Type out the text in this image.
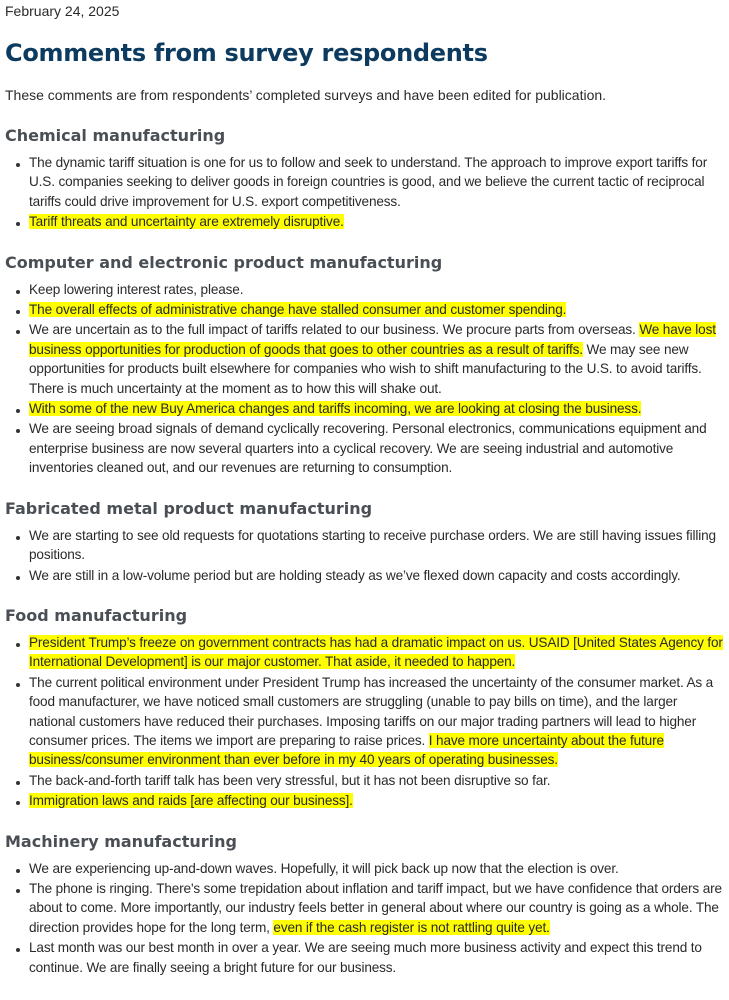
February 24, 2025

Comments from survey respondents

These comments are from respondents’ completed surveys and have been edited for publication.

Chemical manufacturing
The dynamic tariff situation is one for us to follow and seek to understand. The approach to improve export tariffs for U.S. companies seeking to deliver goods in foreign countries is good, and we believe the current tactic of reciprocal tariffs could drive improvement for U.S. export competitiveness.
Tariff threats and uncertainty are extremely disruptive.
Computer and electronic product manufacturing
Keep lowering interest rates, please.
The overall effects of administrative change have stalled consumer and customer spending.
We are uncertain as to the full impact of tariffs related to our business. We procure parts from overseas. We have lost business opportunities for production of goods that goes to other countries as a result of tariffs. We may see new opportunities for products built elsewhere for companies who wish to shift manufacturing to the U.S. to avoid tariffs. There is much uncertainty at the moment as to how this will shake out.
With some of the new Buy America changes and tariffs incoming, we are looking at closing the business.
We are seeing broad signals of demand cyclically recovering. Personal electronics, communications equipment and enterprise business are now several quarters into a cyclical recovery. We are seeing industrial and automotive inventories cleaned out, and our revenues are returning to consumption.
Fabricated metal product manufacturing
We are starting to see old requests for quotations starting to receive purchase orders. We are still having issues filling positions.
We are still in a low-volume period but are holding steady as we’ve flexed down capacity and costs accordingly.
Food manufacturing
President Trump’s freeze on government contracts has had a dramatic impact on us. USAID [United States Agency for International Development] is our major customer. That aside, it needed to happen.
The current political environment under President Trump has increased the uncertainty of the consumer market. As a food manufacturer, we have noticed small customers are struggling (unable to pay bills on time), and the larger national customers have reduced their purchases. Imposing tariffs on our major trading partners will lead to higher consumer prices. The items we import are preparing to raise prices. I have more uncertainty about the future business/consumer environment than ever before in my 40 years of operating businesses.
The back-and-forth tariff talk has been very stressful, but it has not been disruptive so far.
Immigration laws and raids [are affecting our business].
Machinery manufacturing
We are experiencing up-and-down waves. Hopefully, it will pick back up now that the election is over.
The phone is ringing. There's some trepidation about inflation and tariff impact, but we have confidence that orders are about to come. More importantly, our industry feels better in general about where our country is going as a whole. The direction provides hope for the long term, even if the cash register is not rattling quite yet.
Last month was our best month in over a year. We are seeing much more business activity and expect this trend to continue. We are finally seeing a bright future for our business.
